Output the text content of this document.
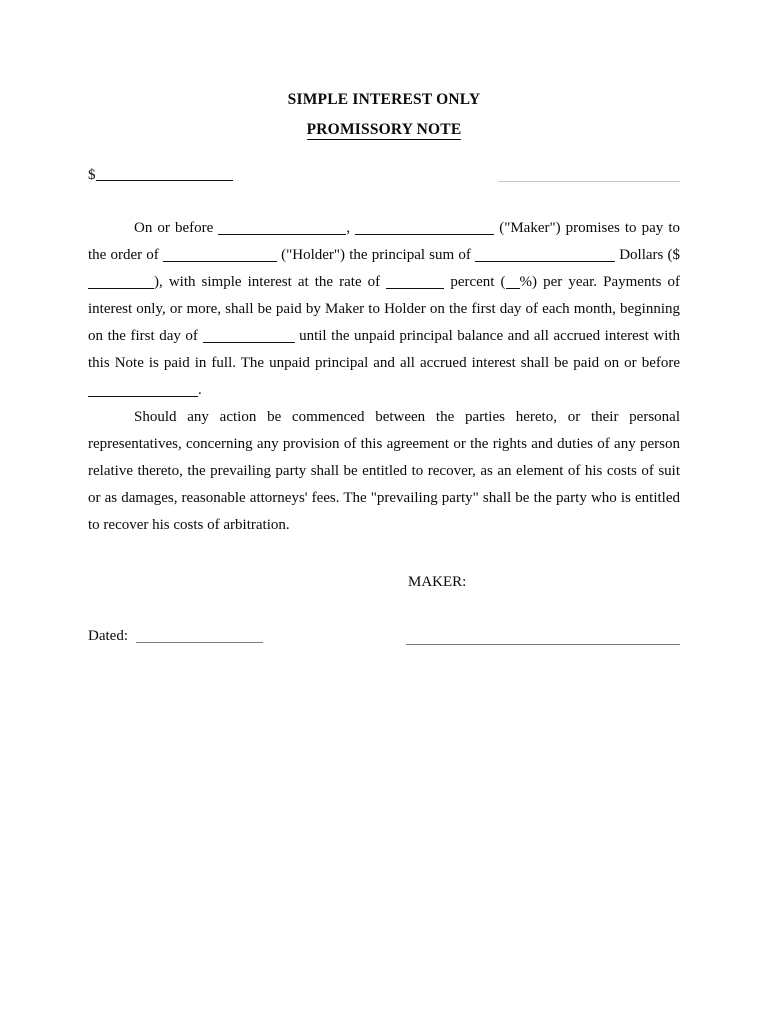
SIMPLE INTEREST ONLY
PROMISSORY NOTE
$

On or before	,	("Maker") promises to pay to the order of	("Holder") the principal sum of	Dollars ($), with simple interest at the rate of	percent ( %) per year. Payments of interest only, or more, shall be paid by Maker to Holder on the first day of each month, beginning on the first day of	until the unpaid principal balance and all accrued interest with this Note is paid in full. The unpaid principal and all accrued interest shall be paid on or before .

Should any action be commenced between the parties hereto, or their personal representatives, concerning any provision of this agreement or the rights and duties of any person relative thereto, the prevailing party shall be entitled to recover, as an element of his costs of suit or as damages, reasonable attorneys' fees. The "prevailing party" shall be the party who is entitled to recover his costs of arbitration.

MAKER:
Dated:
